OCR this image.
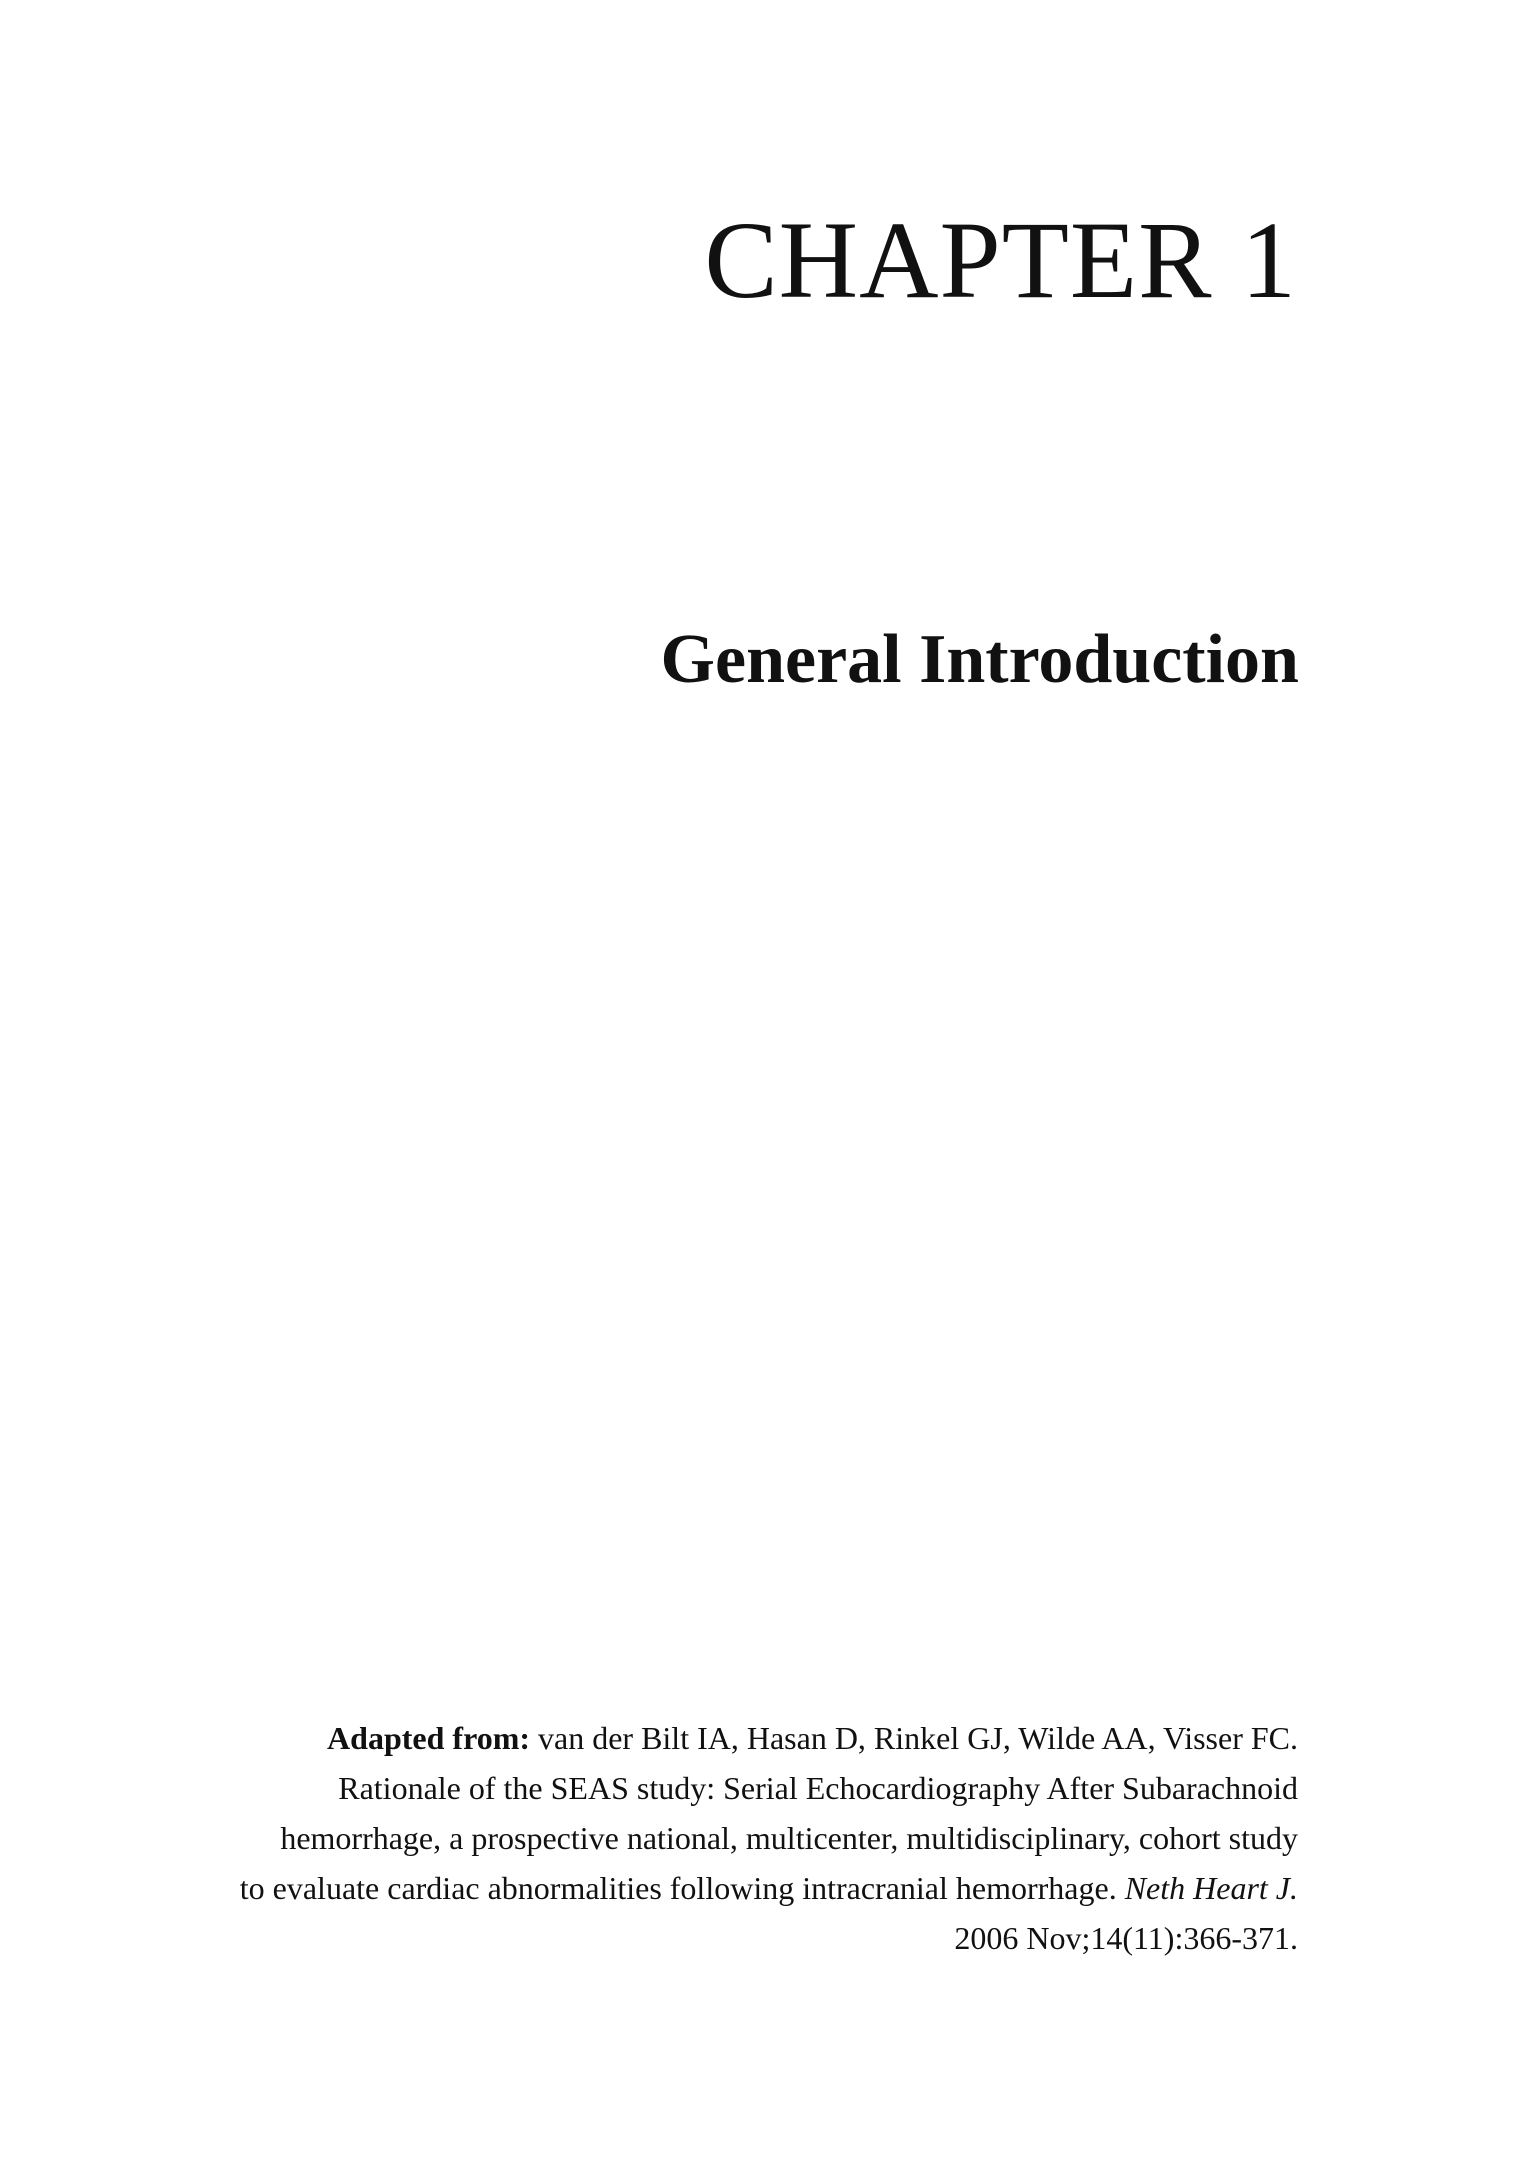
CHAPTER 1
General Introduction

Adapted from: van der Bilt IA, Hasan D, Rinkel GJ, Wilde AA, Visser FC.
Rationale of the SEAS study: Serial Echocardiography After Subarachnoid
hemorrhage, a prospective national, multicenter, multidisciplinary, cohort study
to evaluate cardiac abnormalities following intracranial hemorrhage. Neth Heart J.
2006 Nov;14(11):366-371.
